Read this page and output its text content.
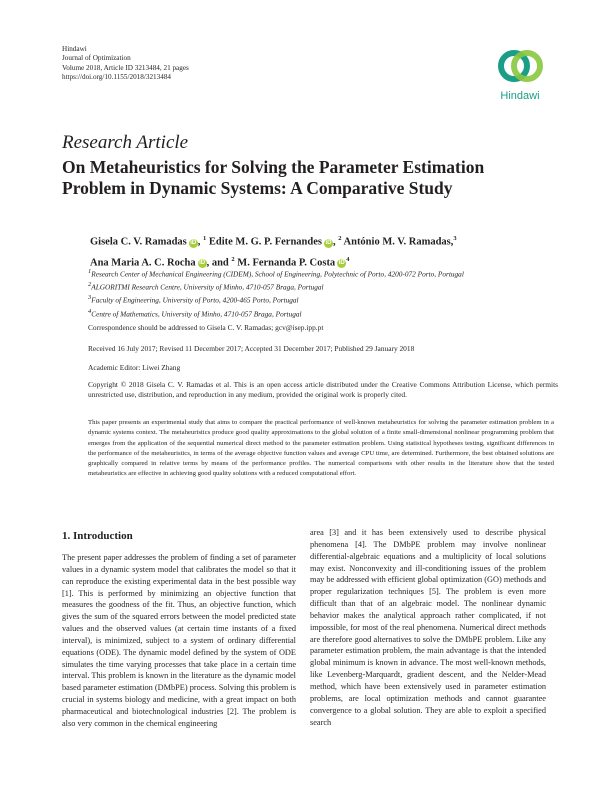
Hindawi
Journal of Optimization
Volume 2018, Article ID 3213484, 21 pages
https://doi.org/10.1155/2018/3213484
Hindawi
Research Article
On Metaheuristics for Solving the Parameter Estimation Problem in Dynamic Systems: A Comparative Study
Gisela C. V. Ramadas iD , $^1$ Edite M. G. P. Fernandes iD , $^2$ António M. V. Ramadas,$^3$
Ana Maria A. C. Rocha iD , and $^2$ M. Fernanda P. Costa $iD^4$
$^1$Research Center of Mechanical Engineering (CIDEM), School of Engineering, Polytechnic of Porto, 4200-072 Porto, Portugal
$^2$ALGORITMI Research Centre, University of Minho, 4710-057 Braga, Portugal
$^3$Faculty of Engineering, University of Porto, 4200-465 Porto, Portugal
$^4$Centre of Mathematics, University of Minho, 4710-057 Braga, Portugal
Correspondence should be addressed to Gisela C. V. Ramadas; gcv@isep.ipp.pt
Received 16 July 2017; Revised 11 December 2017; Accepted 31 December 2017; Published 29 January 2018
Academic Editor: Liwei Zhang
Copyright © 2018 Gisela C. V. Ramadas et al. This is an open access article distributed under the Creative Commons Attribution License, which permits unrestricted use, distribution, and reproduction in any medium, provided the original work is properly cited.
This paper presents an experimental study that aims to compare the practical performance of well-known metaheuristics for solving the parameter estimation problem in a dynamic systems context. The metaheuristics produce good quality approximations to the global solution of a finite small-dimensional nonlinear programming problem that emerges from the application of the sequential numerical direct method to the parameter estimation problem. Using statistical hypotheses testing, significant differences in the performance of the metaheuristics, in terms of the average objective function values and average CPU time, are determined. Furthermore, the best obtained solutions are graphically compared in relative terms by means of the performance profiles. The numerical comparisons with other results in the literature show that the tested metaheuristics are effective in achieving good quality solutions with a reduced computational effort.
1. Introduction
The present paper addresses the problem of finding a set of parameter values in a dynamic system model that calibrates the model so that it can reproduce the existing experimental data in the best possible way [1]. This is performed by minimizing an objective function that measures the goodness of the fit. Thus, an objective function, which gives the sum of the squared errors between the model predicted state values and the observed values (at certain time instants of a fixed interval), is minimized, subject to a system of ordinary differential equations (ODE). The dynamic model defined by the system of ODE simulates the time varying processes that take place in a certain time interval. This problem is known in the literature as the dynamic model based parameter estimation (DMbPE) process. Solving this problem is crucial in systems biology and medicine, with a great impact on both pharmaceutical and biotechnological industries [2]. The problem is also very common in the chemical engineering
area [3] and it has been extensively used to describe physical phenomena [4]. The DMbPE problem may involve nonlinear differential-algebraic equations and a multiplicity of local solutions may exist. Nonconvexity and ill-conditioning issues of the problem may be addressed with efficient global optimization (GO) methods and proper regularization techniques [5]. The problem is even more difficult than that of an algebraic model. The nonlinear dynamic behavior makes the analytical approach rather complicated, if not impossible, for most of the real phenomena. Numerical direct methods are therefore good alternatives to solve the DMbPE problem. Like any parameter estimation problem, the main advantage is that the intended global minimum is known in advance. The most well-known methods, like Levenberg-Marquardt, gradient descent, and the Nelder-Mead method, which have been extensively used in parameter estimation problems, are local optimization methods and cannot guarantee convergence to a global solution. They are able to exploit a specified search
